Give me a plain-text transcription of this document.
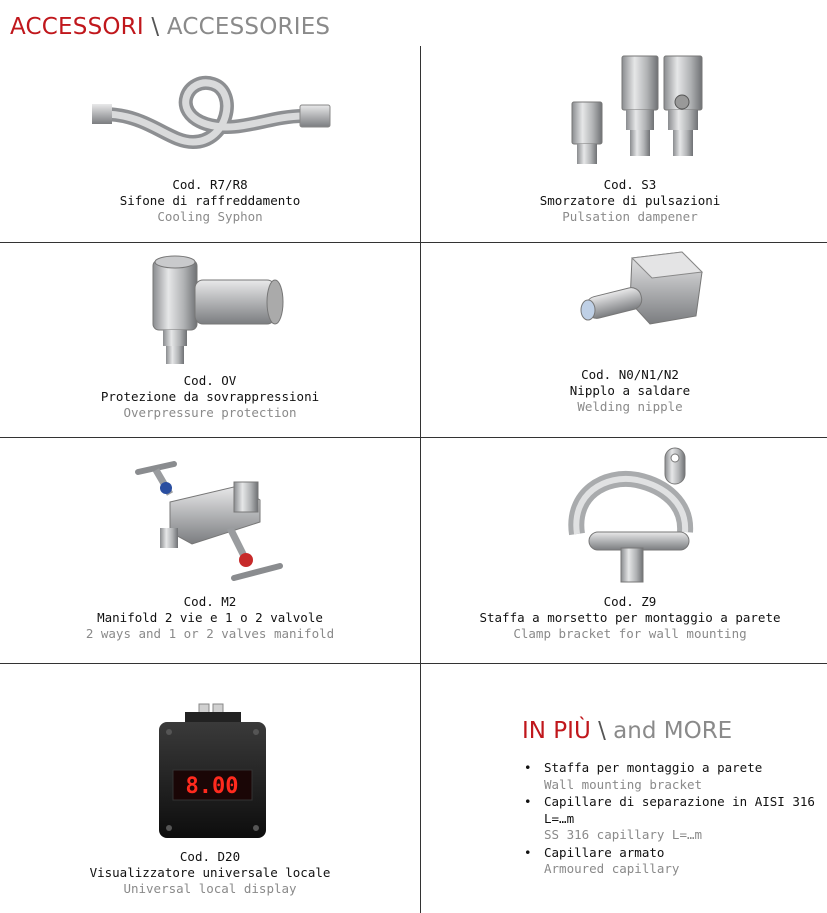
ACCESSORI \ ACCESSORIES
Cod. R7/R8
Sifone di raffreddamento
Cooling Syphon
Cod. S3
Smorzatore di pulsazioni
Pulsation dampener
Cod. OV
Protezione da sovrappressioni
Overpressure protection
Cod. N0/N1/N2
Nipplo a saldare
Welding nipple
Cod. M2
Manifold 2 vie e 1 o 2 valvole
2 ways and 1 or 2 valves manifold
Cod. Z9
Staffa a morsetto per montaggio a parete
Clamp bracket for wall mounting
8.00
Cod. D20
Visualizzatore universale locale
Universal local display
IN PIÙ \ and MORE
• Staffa per montaggio a parete
Wall mounting bracket
• Capillare di separazione in AISI 316 L=…m
SS 316 capillary L=…m
• Capillare armato
Armoured capillary
